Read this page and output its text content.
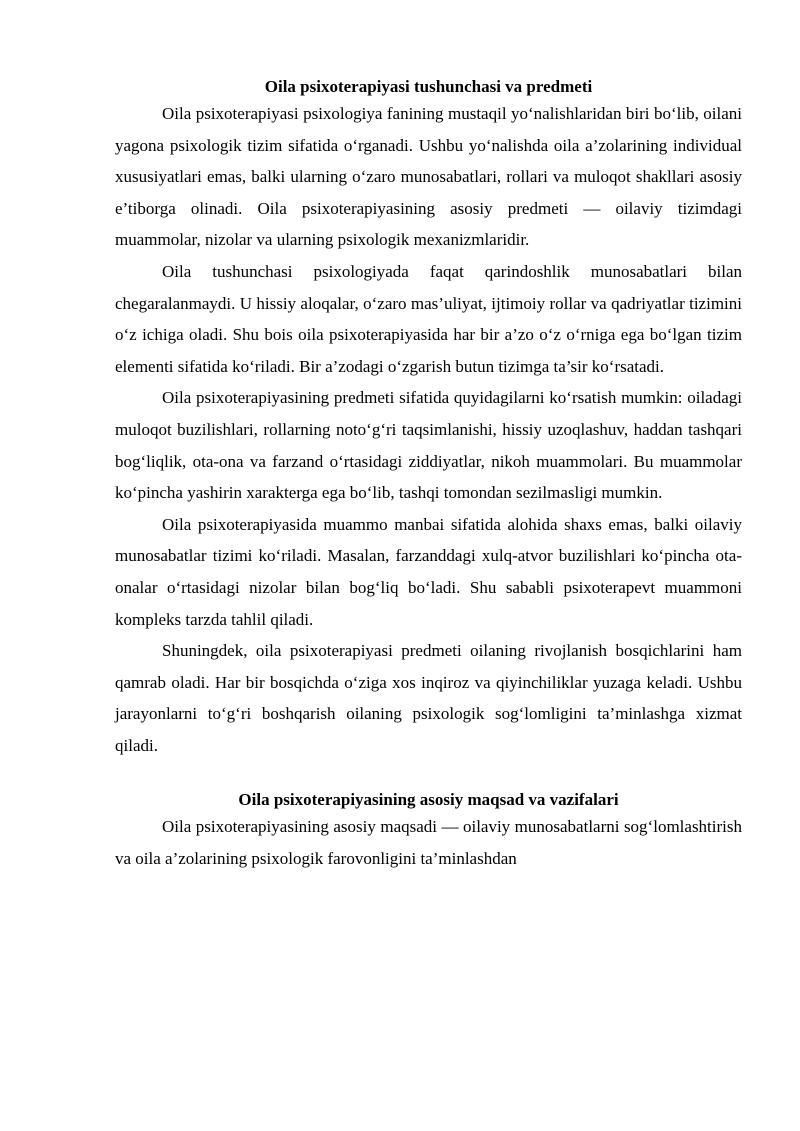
Oila psixoterapiyasi tushunchasi va predmeti

Oila psixoterapiyasi psixologiya fanining mustaqil yo‘nalishlaridan biri bo‘lib, oilani yagona psixologik tizim sifatida o‘rganadi. Ushbu yo‘nalishda oila a’zolarining individual xususiyatlari emas, balki ularning o‘zaro munosabatlari, rollari va muloqot shakllari asosiy e’tiborga olinadi. Oila psixoterapiyasining asosiy predmeti — oilaviy tizimdagi muammolar, nizolar va ularning psixologik mexanizmlaridir.

Oila tushunchasi psixologiyada faqat qarindoshlik munosabatlari bilan chegaralanmaydi. U hissiy aloqalar, o‘zaro mas’uliyat, ijtimoiy rollar va qadriyatlar tizimini o‘z ichiga oladi. Shu bois oila psixoterapiyasida har bir a’zo o‘z o‘rniga ega bo‘lgan tizim elementi sifatida ko‘riladi. Bir a’zodagi o‘zgarish butun tizimga ta’sir ko‘rsatadi.

Oila psixoterapiyasining predmeti sifatida quyidagilarni ko‘rsatish mumkin: oiladagi muloqot buzilishlari, rollarning noto‘g‘ri taqsimlanishi, hissiy uzoqlashuv, haddan tashqari bog‘liqlik, ota-ona va farzand o‘rtasidagi ziddiyatlar, nikoh muammolari. Bu muammolar ko‘pincha yashirin xarakterga ega bo‘lib, tashqi tomondan sezilmasligi mumkin.

Oila psixoterapiyasida muammo manbai sifatida alohida shaxs emas, balki oilaviy munosabatlar tizimi ko‘riladi. Masalan, farzanddagi xulq-atvor buzilishlari ko‘pincha ota-onalar o‘rtasidagi nizolar bilan bog‘liq bo‘ladi. Shu sababli psixoterapevt muammoni kompleks tarzda tahlil qiladi.

Shuningdek, oila psixoterapiyasi predmeti oilaning rivojlanish bosqichlarini ham qamrab oladi. Har bir bosqichda o‘ziga xos inqiroz va qiyinchiliklar yuzaga keladi. Ushbu jarayonlarni to‘g‘ri boshqarish oilaning psixologik sog‘lomligini ta’minlashga xizmat qiladi.

Oila psixoterapiyasining asosiy maqsad va vazifalari

Oila psixoterapiyasining asosiy maqsadi — oilaviy munosabatlarni sog‘lomlashtirish va oila a’zolarining psixologik farovonligini ta’minlashdan
